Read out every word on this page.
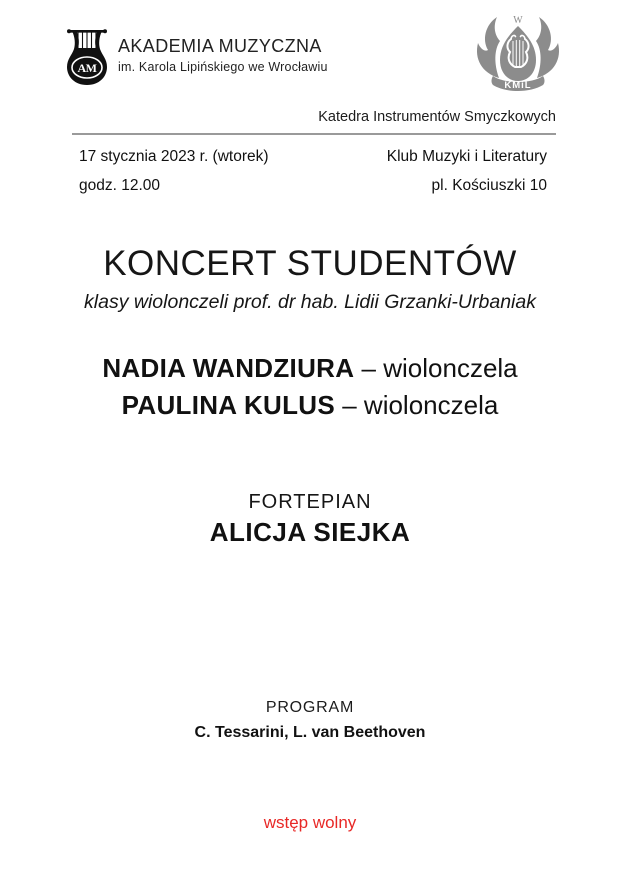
AM
AKADEMIA MUZYCZNA
im. Karola Lipińskiego we Wrocławiu
W
KMiL
Katedra Instrumentów Smyczkowych
17 stycznia 2023 r. (wtorek)
godz. 12.00
Klub Muzyki i Literatury
pl. Kościuszki 10
KONCERT STUDENTÓW
klasy wiolonczeli prof. dr hab. Lidii Grzanki-Urbaniak
NADIA WANDZIURA – wiolonczela
PAULINA KULUS – wiolonczela
FORTEPIAN
ALICJA SIEJKA
PROGRAM
C. Tessarini, L. van Beethoven
wstęp wolny
